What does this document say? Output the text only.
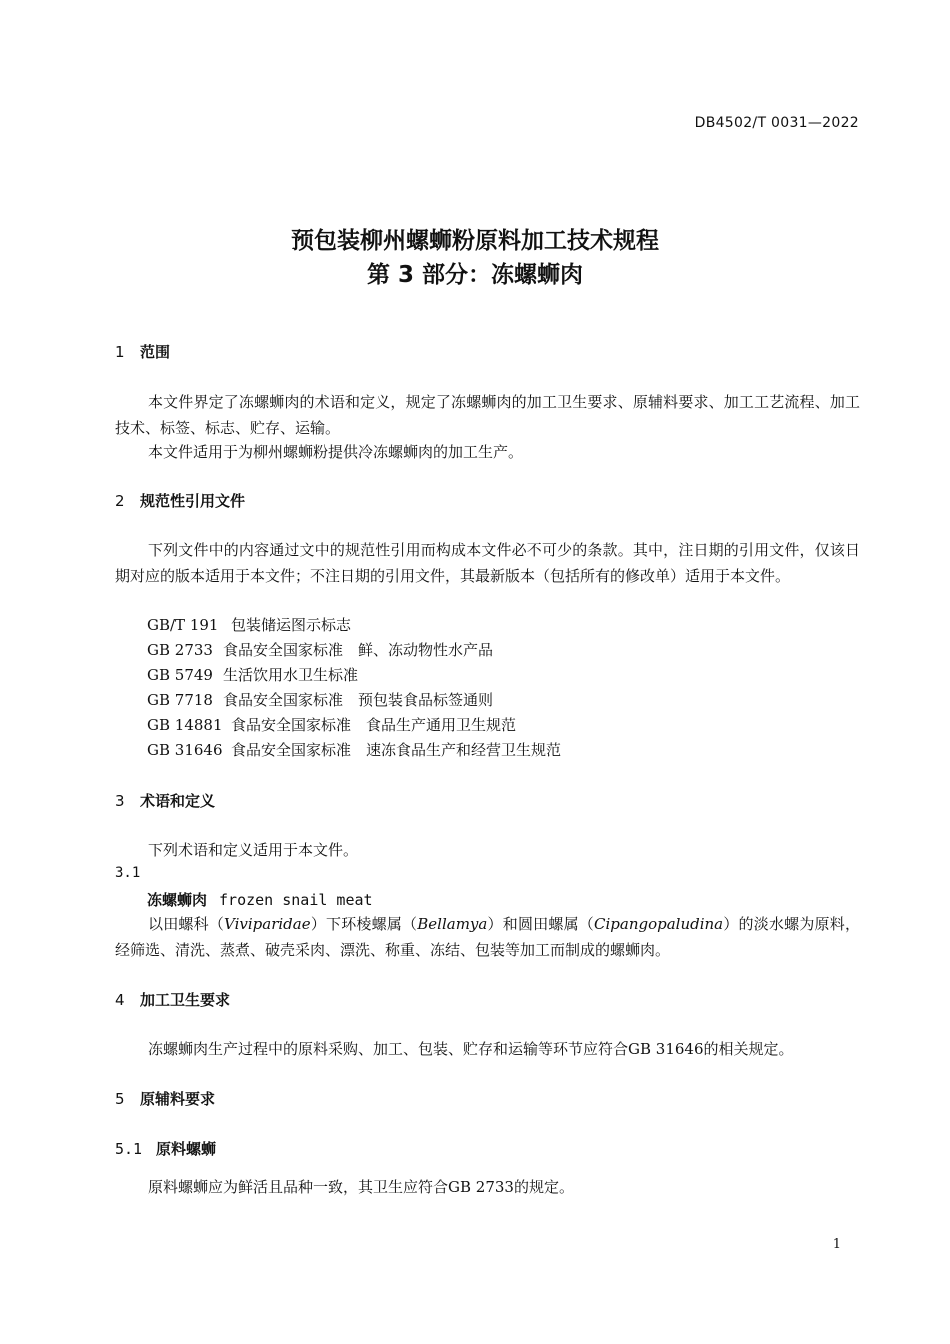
DB4502/T 0031—2022
预包装柳州螺蛳粉原料加工技术规程
第 3 部分：冻螺蛳肉
1 范围
本文件界定了冻螺蛳肉的术语和定义，规定了冻螺蛳肉的加工卫生要求、原辅料要求、加工工艺流程、加工技术、标签、标志、贮存、运输。
本文件适用于为柳州螺蛳粉提供冷冻螺蛳肉的加工生产。
2 规范性引用文件
下列文件中的内容通过文中的规范性引用而构成本文件必不可少的条款。其中，注日期的引用文件，仅该日期对应的版本适用于本文件；不注日期的引用文件，其最新版本（包括所有的修改单）适用于本文件。
GB/T 191 包装储运图示标志
GB 2733 食品安全国家标准　鲜、冻动物性水产品
GB 5749 生活饮用水卫生标准
GB 7718 食品安全国家标准　预包装食品标签通则
GB 14881 食品安全国家标准　食品生产通用卫生规范
GB 31646 食品安全国家标准　速冻食品生产和经营卫生规范
3 术语和定义
下列术语和定义适用于本文件。
3.1
冻螺蛳肉 frozen snail meat
以田螺科（Viviparidae）下环棱螺属（Bellamya）和圆田螺属（Cipangopaludina）的淡水螺为原料，经筛选、清洗、蒸煮、破壳采肉、漂洗、称重、冻结、包装等加工而制成的螺蛳肉。
4 加工卫生要求
冻螺蛳肉生产过程中的原料采购、加工、包装、贮存和运输等环节应符合GB 31646的相关规定。
5 原辅料要求
5.1 原料螺蛳
原料螺蛳应为鲜活且品种一致，其卫生应符合GB 2733的规定。
1
